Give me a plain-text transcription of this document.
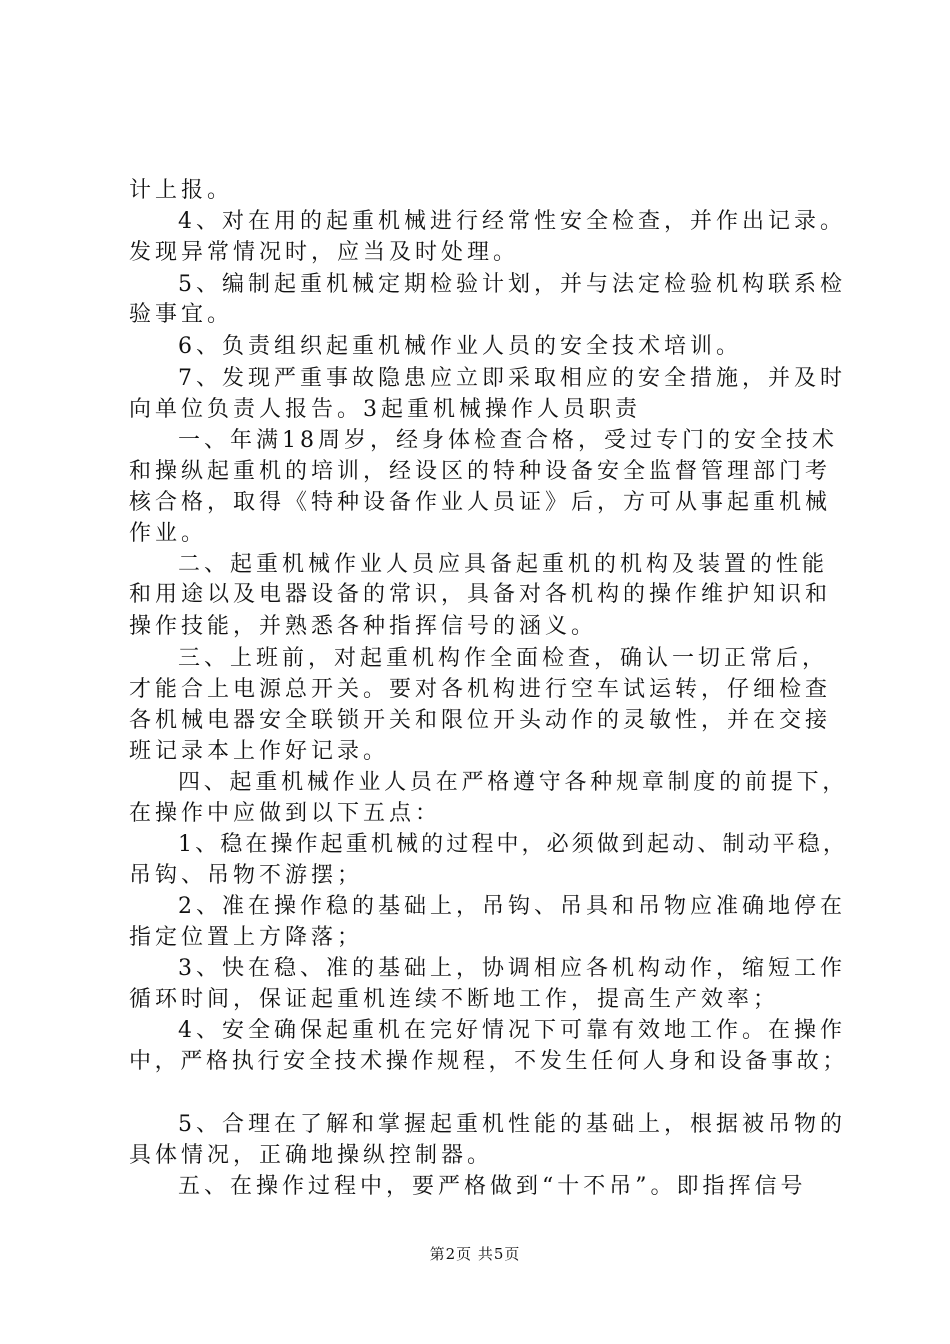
计上报。
4、对在用的起重机械进行经常性安全检查，并作出记录。
发现异常情况时，应当及时处理。
5、编制起重机械定期检验计划，并与法定检验机构联系检
验事宜。
6、负责组织起重机械作业人员的安全技术培训。
7、发现严重事故隐患应立即采取相应的安全措施，并及时
向单位负责人报告。3起重机械操作人员职责
一、年满18周岁，经身体检查合格，受过专门的安全技术
和操纵起重机的培训，经设区的特种设备安全监督管理部门考
核合格，取得《特种设备作业人员证》后，方可从事起重机械
作业。
二、起重机械作业人员应具备起重机的机构及装置的性能
和用途以及电器设备的常识，具备对各机构的操作维护知识和
操作技能，并熟悉各种指挥信号的涵义。
三、上班前，对起重机构作全面检查，确认一切正常后，
才能合上电源总开关。要对各机构进行空车试运转，仔细检查
各机械电器安全联锁开关和限位开头动作的灵敏性，并在交接
班记录本上作好记录。
四、起重机械作业人员在严格遵守各种规章制度的前提下，
在操作中应做到以下五点：
1、稳在操作起重机械的过程中，必须做到起动、制动平稳，
吊钩、吊物不游摆；
2、准在操作稳的基础上，吊钩、吊具和吊物应准确地停在
指定位置上方降落；
3、快在稳、准的基础上，协调相应各机构动作，缩短工作
循环时间，保证起重机连续不断地工作，提高生产效率；
4、安全确保起重机在完好情况下可靠有效地工作。在操作
中，严格执行安全技术操作规程，不发生任何人身和设备事故；
5、合理在了解和掌握起重机性能的基础上，根据被吊物的
具体情况，正确地操纵控制器。
五、在操作过程中，要严格做到“十不吊”。即指挥信号
第2页 共5页
